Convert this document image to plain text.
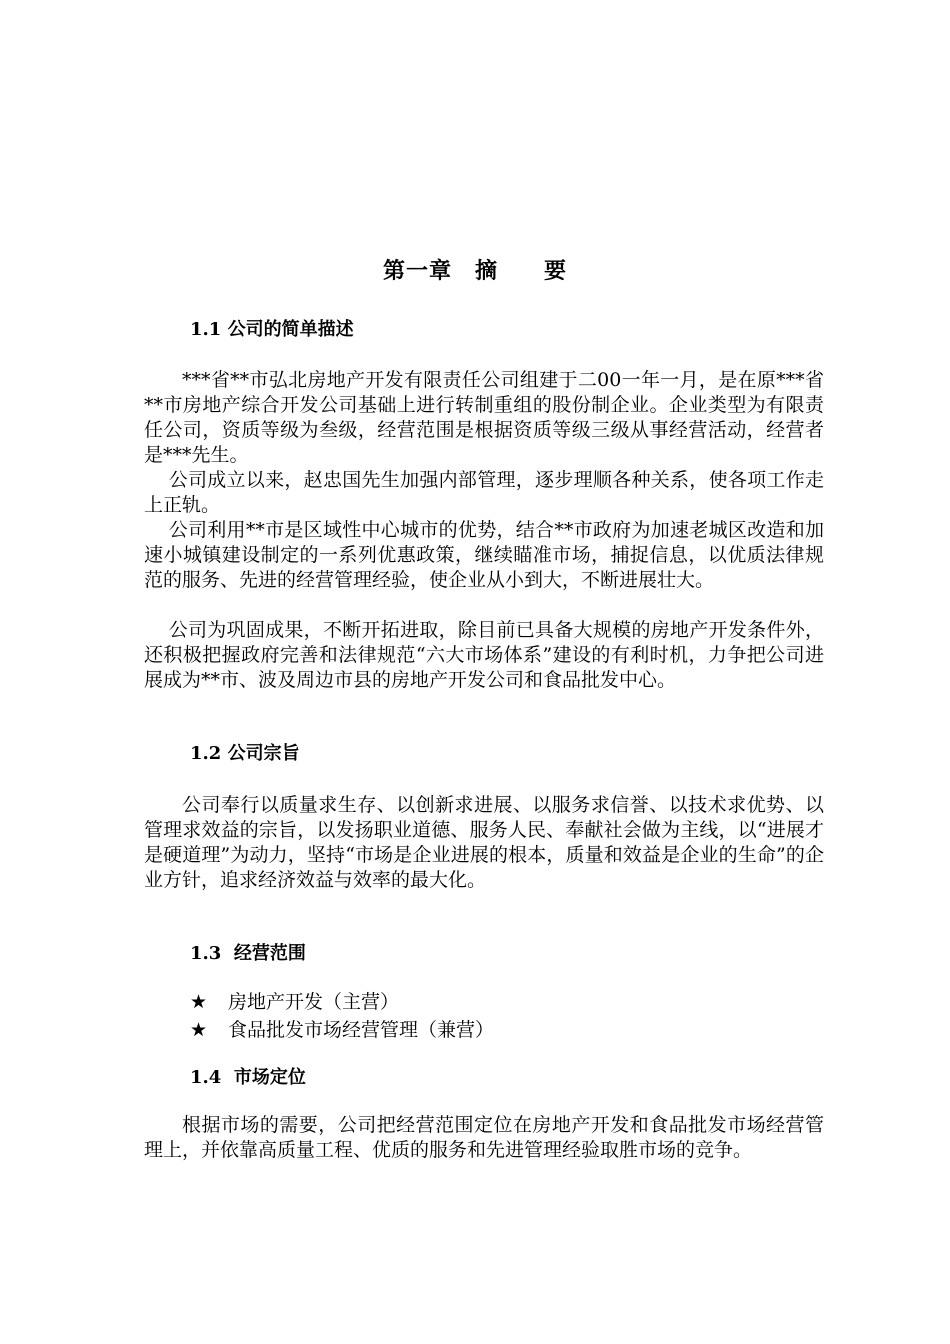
第一章　摘　　要
1.1 公司的简单描述

***省**市弘北房地产开发有限责任公司组建于二00一年一月，是在原***省**市房地产综合开发公司基础上进行转制重组的股份制企业。企业类型为有限责任公司，资质等级为叁级，经营范围是根据资质等级三级从事经营活动，经营者是***先生。

公司成立以来，赵忠国先生加强内部管理，逐步理顺各种关系，使各项工作走上正轨。

公司利用**市是区域性中心城市的优势，结合**市政府为加速老城区改造和加速小城镇建设制定的一系列优惠政策，继续瞄准市场，捕捉信息，以优质法律规范的服务、先进的经营管理经验，使企业从小到大，不断进展壮大。

公司为巩固成果，不断开拓进取，除目前已具备大规模的房地产开发条件外，还积极把握政府完善和法律规范“六大市场体系”建设的有利时机，力争把公司进展成为**市、波及周边市县的房地产开发公司和食品批发中心。

1.2 公司宗旨

公司奉行以质量求生存、以创新求进展、以服务求信誉、以技术求优势、以管理求效益的宗旨，以发扬职业道德、服务人民、奉献社会做为主线，以“进展才是硬道理”为动力，坚持“市场是企业进展的根本，质量和效益是企业的生命”的企业方针，追求经济效益与效率的最大化。

1.3  经营范围
★	房地产开发（主营）
★	食品批发市场经营管理（兼营）
1.4  市场定位

根据市场的需要，公司把经营范围定位在房地产开发和食品批发市场经营管理上，并依靠高质量工程、优质的服务和先进管理经验取胜市场的竞争。
